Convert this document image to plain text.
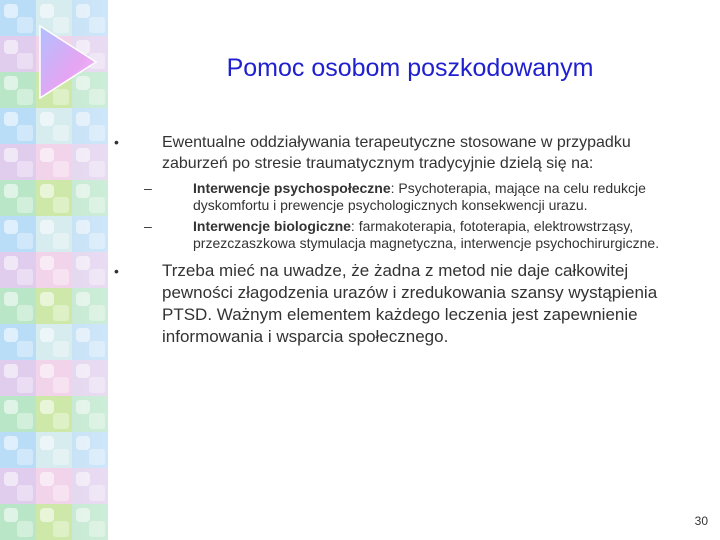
Pomoc osobom poszkodowanym
•	Ewentualne oddziaływania terapeutyczne stosowane w przypadku zaburzeń po stresie traumatycznym tradycyjnie dzielą się na:
–	Interwencje psychospołeczne: Psychoterapia, mające na celu redukcje dyskomfortu i prewencje psychologicznych konsekwencji urazu.
–	Interwencje biologiczne: farmakoterapia, fototerapia, elektrowstrząsy, przezczaszkowa stymulacja magnetyczna, interwencje psychochirurgiczne.
•	Trzeba mieć na uwadze, że żadna z metod nie daje całkowitej pewności złagodzenia urazów i zredukowania szansy wystąpienia PTSD. Ważnym elementem każdego leczenia jest zapewnienie informowania i wsparcia społecznego.
30
